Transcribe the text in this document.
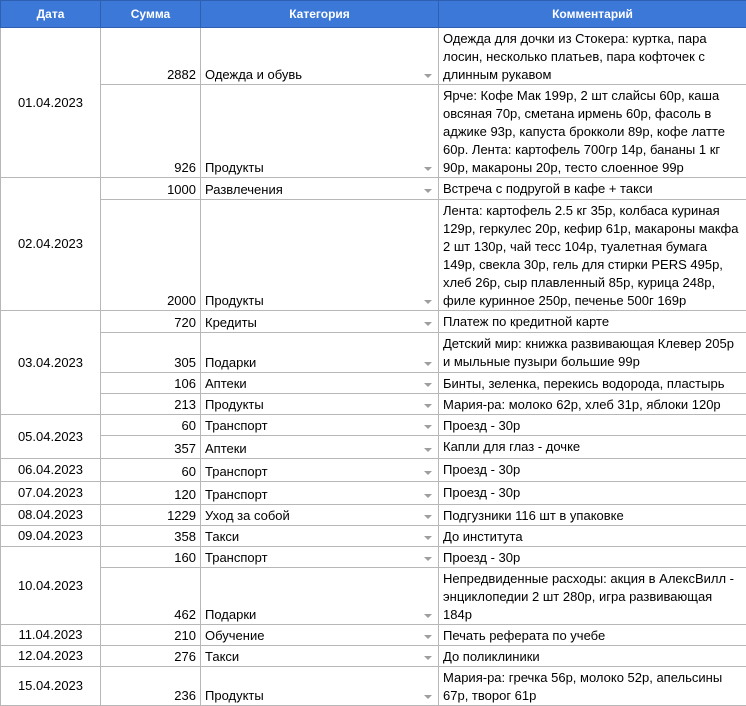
Дата	Сумма	Категория	Комментарий
01.04.2023	2882	Одежда и обувь	Одежда для дочки из Стокера: куртка, пара лосин, несколько платьев, пара кофточек с длинным рукавом
	926	Продукты	Ярче: Кофе Мак 199р, 2 шт слайсы 60р, каша овсяная 70р, сметана ирмень 60р, фасоль в аджике 93р, капуста брокколи 89р, кофе латте 60р. Лента: картофель 700гр 14р, бананы 1 кг 90р, макароны 20р, тесто слоенное 99р
02.04.2023	1000	Развлечения	Встреча с подругой в кафе + такси
	2000	Продукты	Лента: картофель 2.5 кг 35р, колбаса куриная 129р, геркулес 20р, кефир 61р, макароны макфа 2 шт 130р, чай тесс 104р, туалетная бумага 149р, свекла 30р, гель для стирки PERS 495р, хлеб 26р, сыр плавленный 85р, курица 248р, филе куринное 250р, печенье 500г 169р
03.04.2023	720	Кредиты	Платеж по кредитной карте
	305	Подарки	Детский мир: книжка развивающая Клевер 205р и мыльные пузыри большие 99р
	106	Аптеки	Бинты, зеленка, перекись водорода, пластырь
	213	Продукты	Мария-ра: молоко 62р, хлеб 31р, яблоки 120р
05.04.2023	60	Транспорт	Проезд - 30р
	357	Аптеки	Капли для глаз - дочке
06.04.2023	60	Транспорт	Проезд - 30р
07.04.2023	120	Транспорт	Проезд - 30р
08.04.2023	1229	Уход за собой	Подгузники 116 шт в упаковке
09.04.2023	358	Такси	До института
10.04.2023	160	Транспорт	Проезд - 30р
	462	Подарки	Непредвиденные расходы: акция в АлексВилл - энциклопедии 2 шт 280р, игра развивающая 184р
11.04.2023	210	Обучение	Печать реферата по учебе
12.04.2023	276	Такси	До поликлиники
15.04.2023	236	Продукты	Мария-ра: гречка 56р, молоко 52р, апельсины 67р, творог 61р
